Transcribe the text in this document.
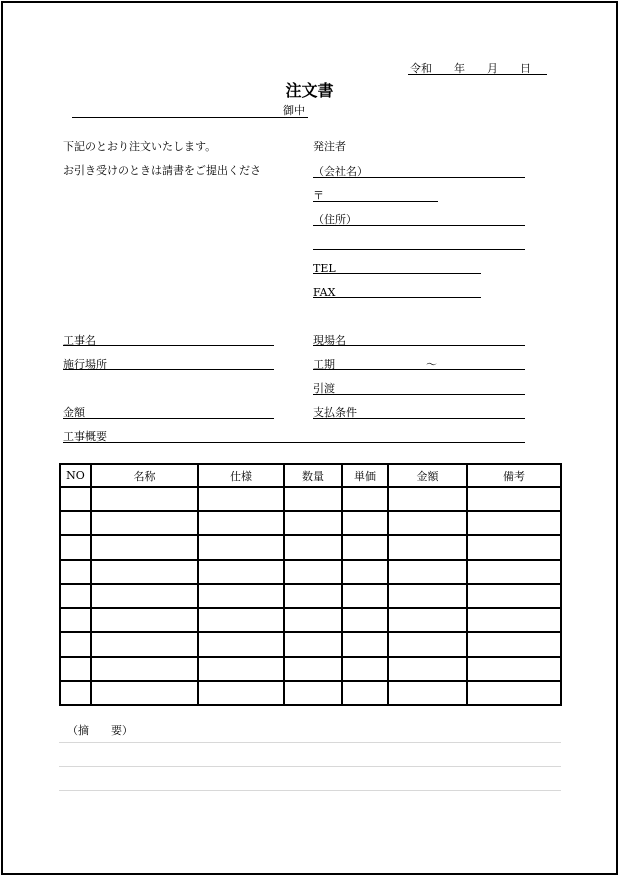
令和　　年　　月　　日
注文書
御中
下記のとおり注文いたします。
お引き受けのときは請書をご提出くださ
発注者
（会社名）
〒
（住所）
TEL
FAX
工事名	現場名
施行場所	工期	～
引渡
金額	支払条件
工事概要
NO	名称	仕様	数量	単価	金額	備考

（摘　　要）
